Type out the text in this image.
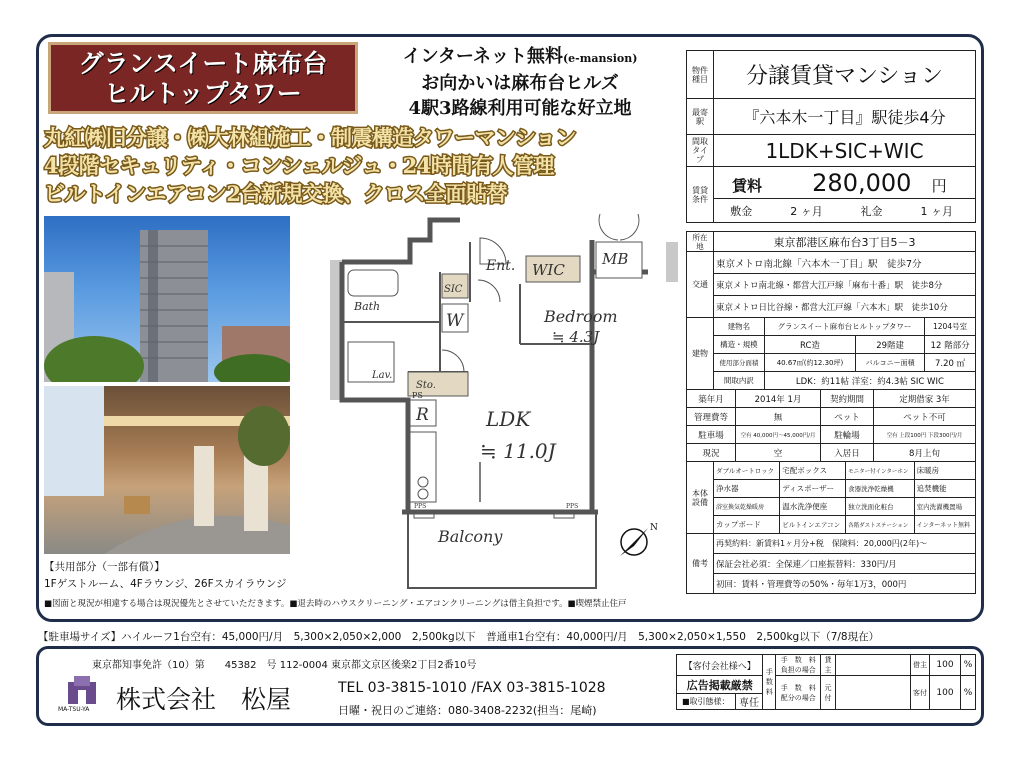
グランスイート麻布台
ヒルトップタワー
インターネット無料(e-mansion)
お向かいは麻布台ヒルズ
4駅3路線利用可能な好立地
丸紅㈱旧分譲・㈱大林組施工・制震構造タワーマンション
4段階セキュリティ・コンシェルジュ・24時間有人管理
ビルトインエアコン2台新規交換、クロス全面貼替
【共用部分（一部有償）】
1Fゲストルーム、4Fラウンジ、26Fスカイラウンジ
■図面と現況が相違する場合は現況優先とさせていただきます。■退去時のハウスクリーニング・エアコンクリーニングは借主負担です。■喫煙禁止住戸
Ent. WIC
MB
SIC
Bath
W
Lav.
Sto.
PS
R
Bedroom
≒ 4.3J
LDK
≒ 11.0J
Balcony
PPS	PPS
N
物件種目	分譲賃貸マンション
最寄駅	『六本木一丁目』駅徒歩4分
間取タイプ	1LDK+SIC+WIC
賃貸条件	賃料 280,000 円			
	敷金	2 ヶ月	礼金	1 ヶ月
所在地	東京都港区麻布台3丁目5－3
交通	東京メトロ南北線「六本木一丁目」駅　徒歩7分
	東京メトロ南北線・都営大江戸線「麻布十番」駅　徒歩8分
	東京メトロ日比谷線・都営大江戸線「六本木」駅　徒歩10分
建物	建物名	グランスイート麻布台ヒルトップタワー		1204号室
	構造・規模	RC造	29階建	12 階部分
	使用部分面積	40.67㎡(約12.30坪)	バルコニー面積	7.20 ㎡
	間取内訳	LDK：約11帖 洋室：約4.3帖 SIC WIC		
築年月	2014年 1月	契約期間	定期借家 3年
管理費等	無	ペット	ペット不可
駐車場	空有 40,000円～45,000円/月	駐輪場	空有 上段100円 下段300円/月
現況	空	入居日	8月上旬
本体設備	ダブルオートロック	宅配ボックス	モニター付インターホン	床暖房
	浄水器	ディスポーザー	食器洗浄乾燥機	追焚機能
	浴室換気乾燥暖房	温水洗浄便座	独立洗面化粧台	室内洗濯機置場
	カップボード	ビルトインエアコン	各階ダストステーション	インターネット無料
備考	再契約料：新賃料1ヶ月分+税　保険料：20,000円(2年)～
保証会社必須：全保連／口座振替料：330円/月
初回：賃料・管理費等の50%・毎年1万3，000円
【駐車場サイズ】ハイルーフ1台空有：45,000円/月　5,300×2,050×2,000　2,500kg以下　普通車1台空有：40,000円/月　5,300×2,050×1,550　2,500kg以下（7/8現在）
東京都知事免許（10）第　　45382　号 112-0004 東京都文京区後楽2丁目2番10号
MA-TSU-YA 株式会社　松屋	TEL 03-3815-1010 /FAX 03-3815-1028
日曜・祝日のご連絡：080-3408-2232(担当：尾崎)
【客付会社様へ】		手数料	手　数　料
負担の場合	貸主		借主	100	%
広告掲載厳禁			手　数　料
配分の場合	元付		客付	100	%
■取引態様：	専任							
